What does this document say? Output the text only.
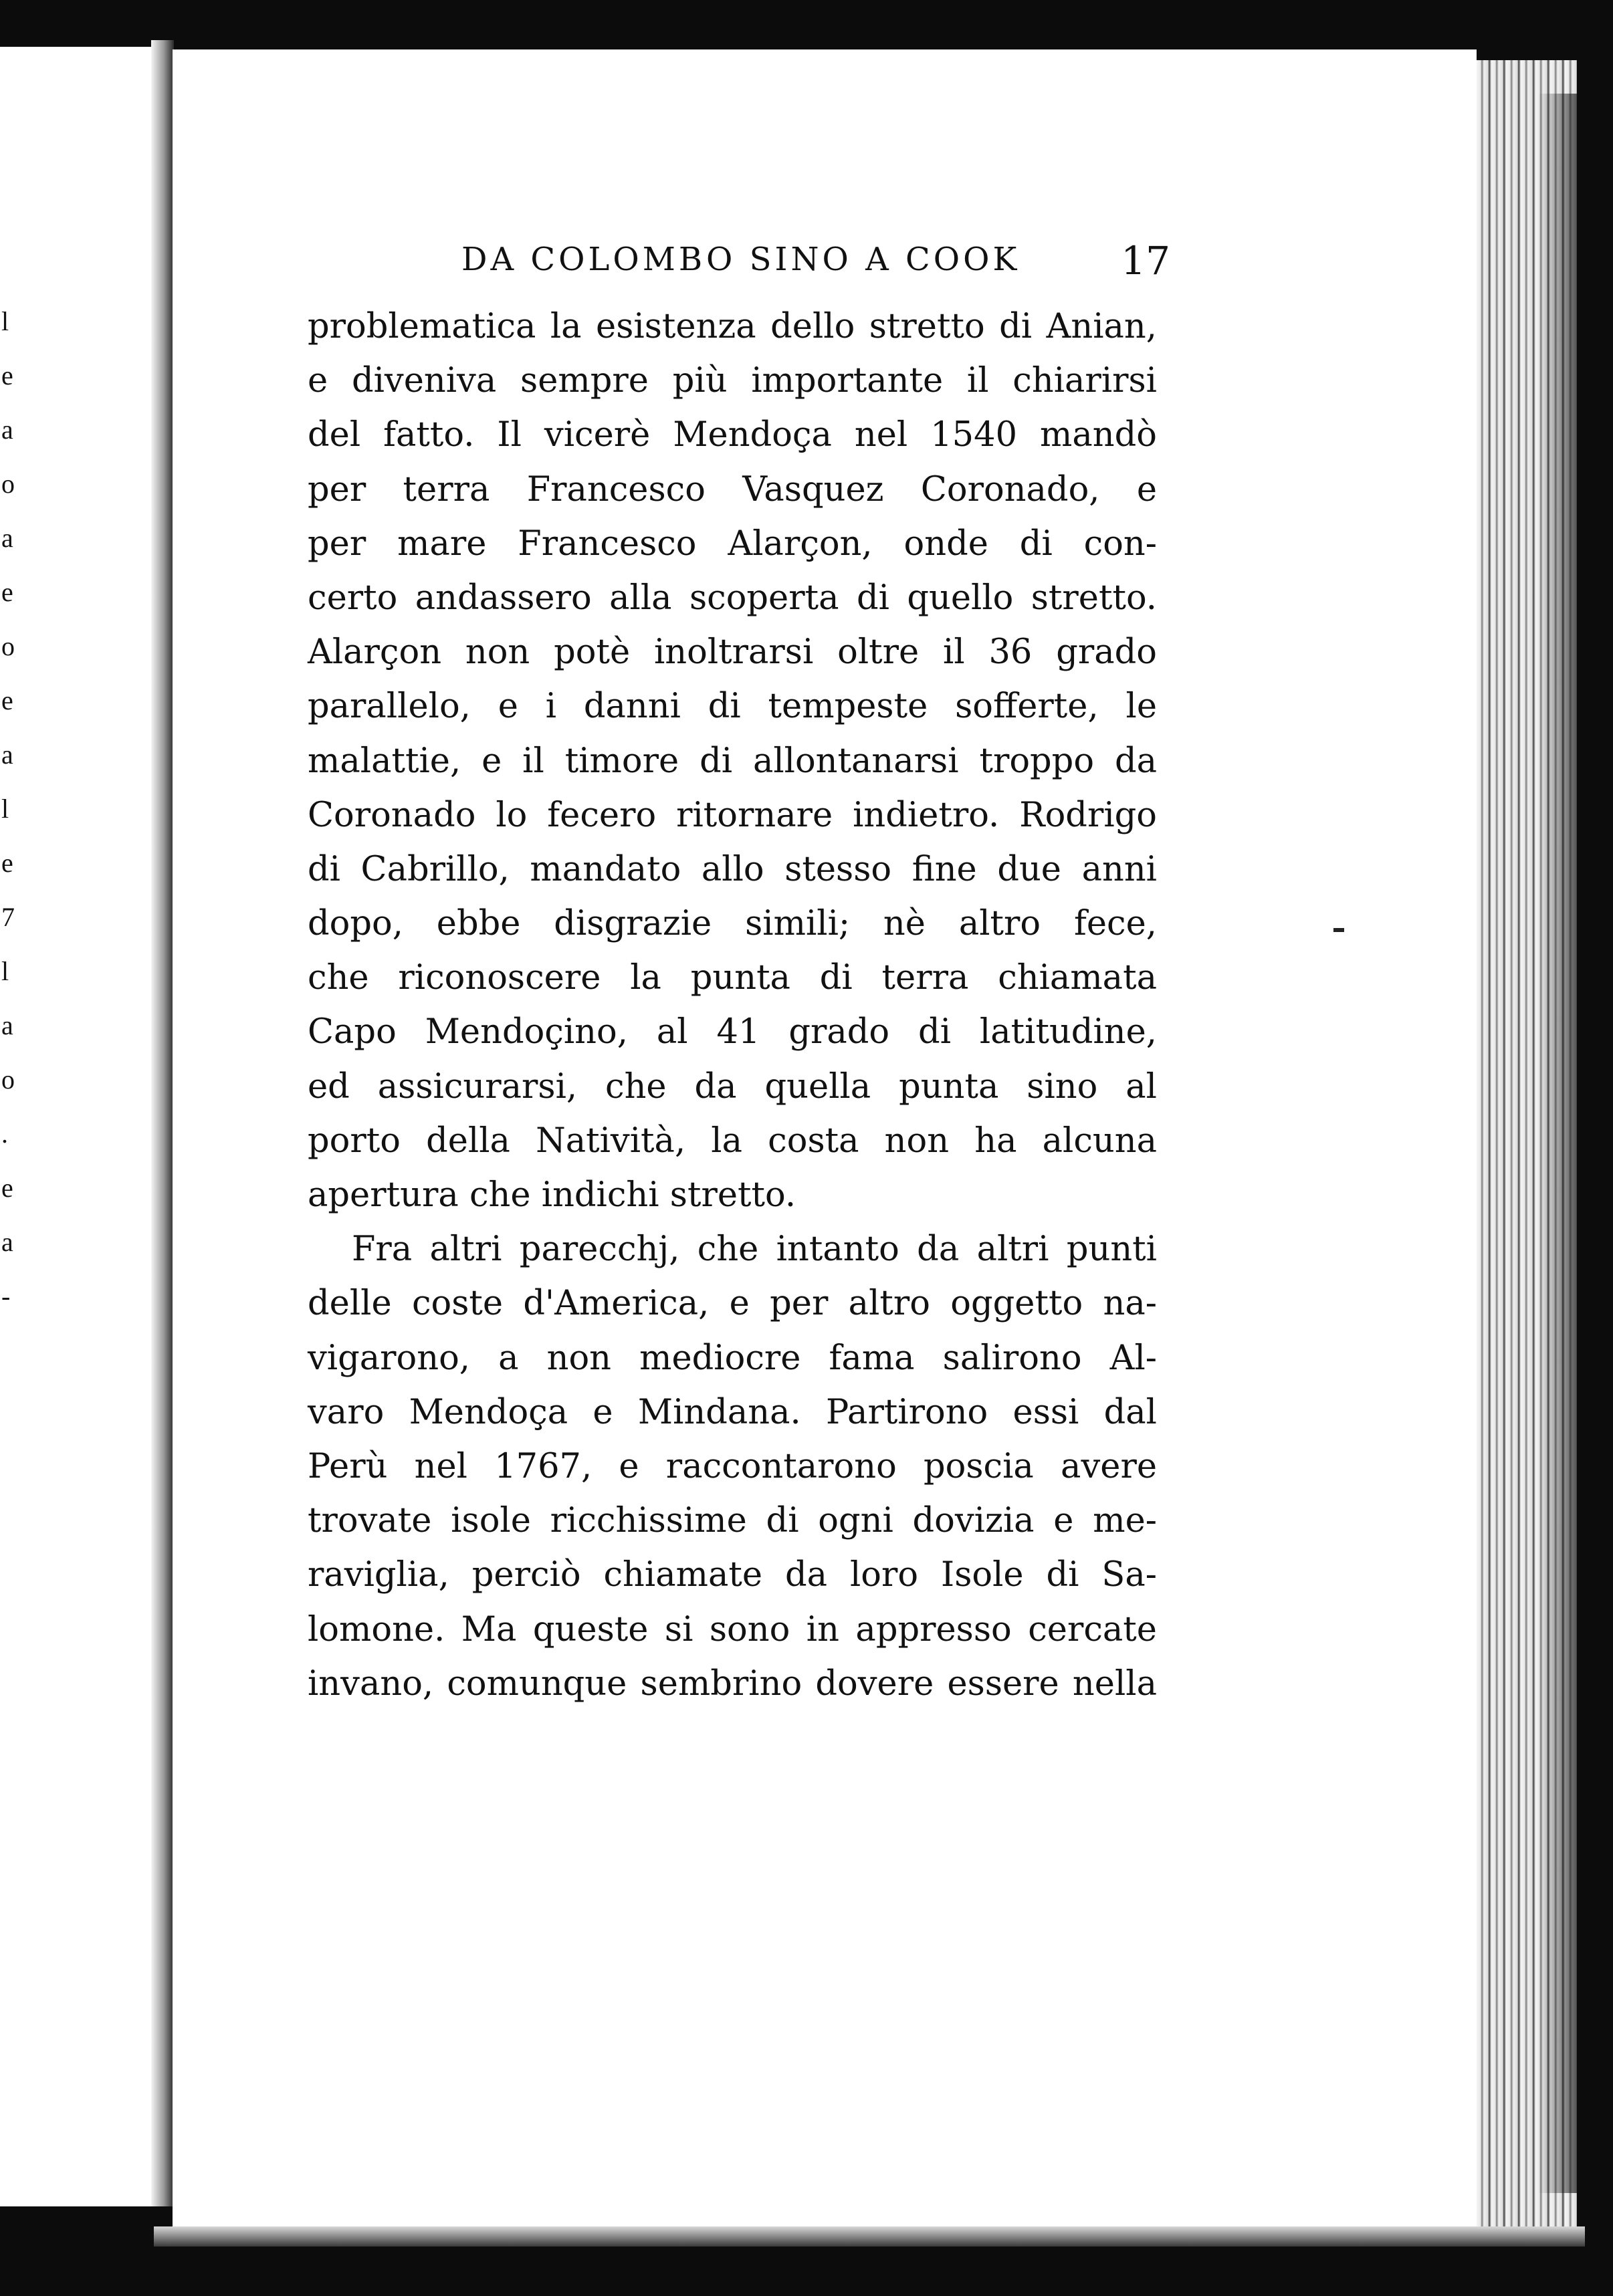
l
e
a
o
a
e
o
e
a
l
e
7
l
a
o
.
e
a
-
DA COLOMBO SINO A COOK	17
problematica la esistenza dello stretto di Anian,
e diveniva sempre più importante il chiarirsi
del fatto. Il vicerè Mendoça nel 1540 mandò
per terra Francesco Vasquez Coronado, e
per mare Francesco Alarçon, onde di con-
certo andassero alla scoperta di quello stretto.
Alarçon non potè inoltrarsi oltre il 36 grado
parallelo, e i danni di tempeste sofferte, le
malattie, e il timore di allontanarsi troppo da
Coronado lo fecero ritornare indietro. Rodrigo
di Cabrillo, mandato allo stesso fine due anni
dopo, ebbe disgrazie simili; nè altro fece,
che riconoscere la punta di terra chiamata
Capo Mendoçino, al 41 grado di latitudine,
ed assicurarsi, che da quella punta sino al
porto della Natività, la costa non ha alcuna
apertura che indichi stretto.
Fra altri parecchj, che intanto da altri punti
delle coste d'America, e per altro oggetto na-
vigarono, a non mediocre fama salirono Al-
varo Mendoça e Mindana. Partirono essi dal
Perù nel 1767, e raccontarono poscia avere
trovate isole ricchissime di ogni dovizia e me-
raviglia, perciò chiamate da loro Isole di Sa-
lomone. Ma queste si sono in appresso cercate
invano, comunque sembrino dovere essere nella
